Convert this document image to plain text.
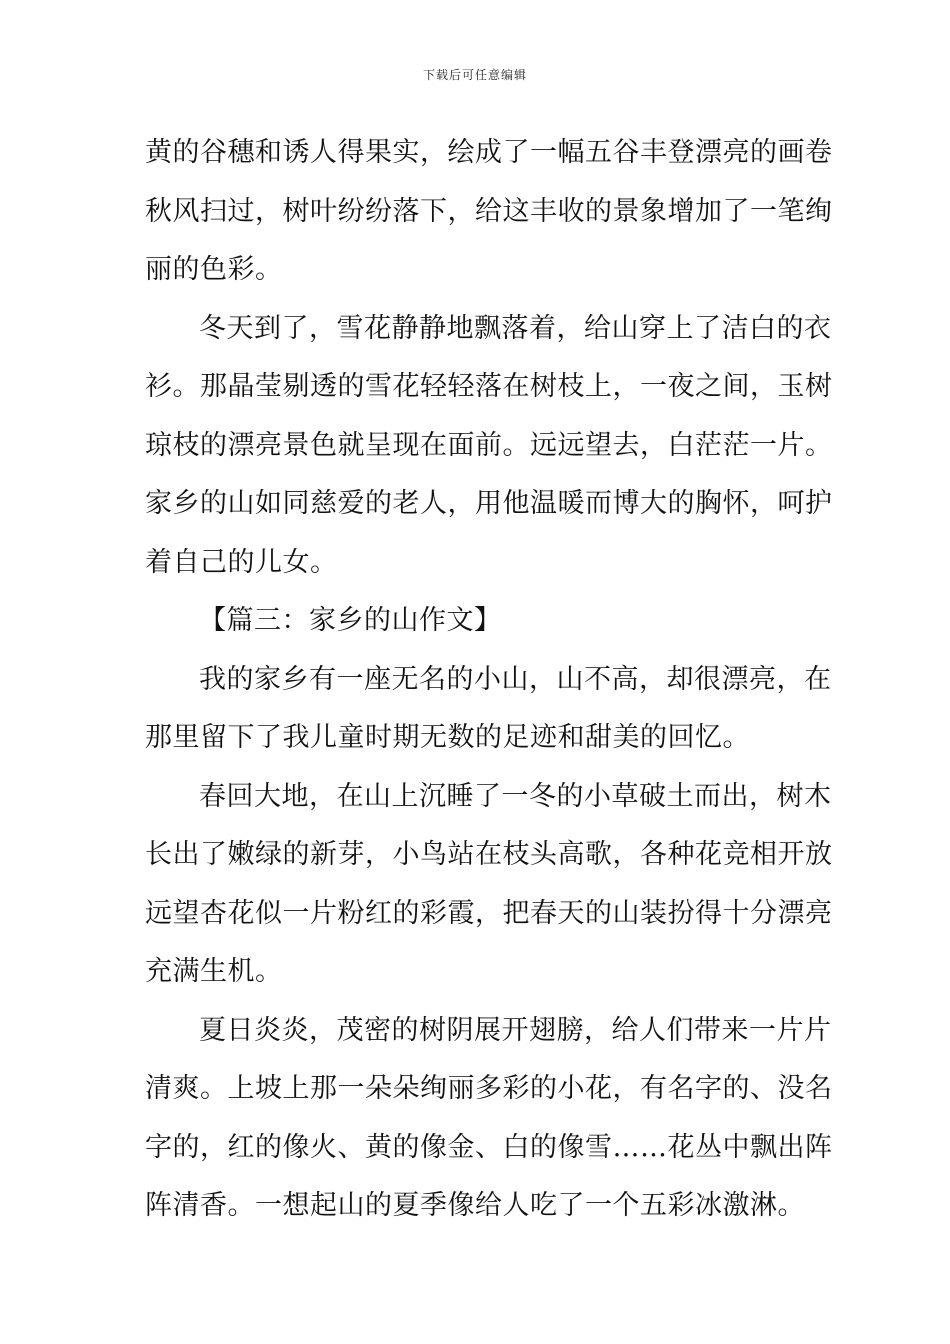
下载后可任意编辑
黄的谷穗和诱人得果实，绘成了一幅五谷丰登漂亮的画卷
秋风扫过，树叶纷纷落下，给这丰收的景象增加了一笔绚
丽的色彩。
冬天到了，雪花静静地飘落着，给山穿上了洁白的衣
衫。那晶莹剔透的雪花轻轻落在树枝上，一夜之间，玉树
琼枝的漂亮景色就呈现在面前。远远望去，白茫茫一片。
家乡的山如同慈爱的老人，用他温暖而博大的胸怀，呵护
着自己的儿女。
【篇三：家乡的山作文】
我的家乡有一座无名的小山，山不高，却很漂亮，在
那里留下了我儿童时期无数的足迹和甜美的回忆。
春回大地，在山上沉睡了一冬的小草破土而出，树木
长出了嫩绿的新芽，小鸟站在枝头高歌，各种花竞相开放
远望杏花似一片粉红的彩霞，把春天的山装扮得十分漂亮
充满生机。
夏日炎炎，茂密的树阴展开翅膀，给人们带来一片片
清爽。上坡上那一朵朵绚丽多彩的小花，有名字的、没名
字的，红的像火、黄的像金、白的像雪……花丛中飘出阵
阵清香。一想起山的夏季像给人吃了一个五彩冰激淋。
